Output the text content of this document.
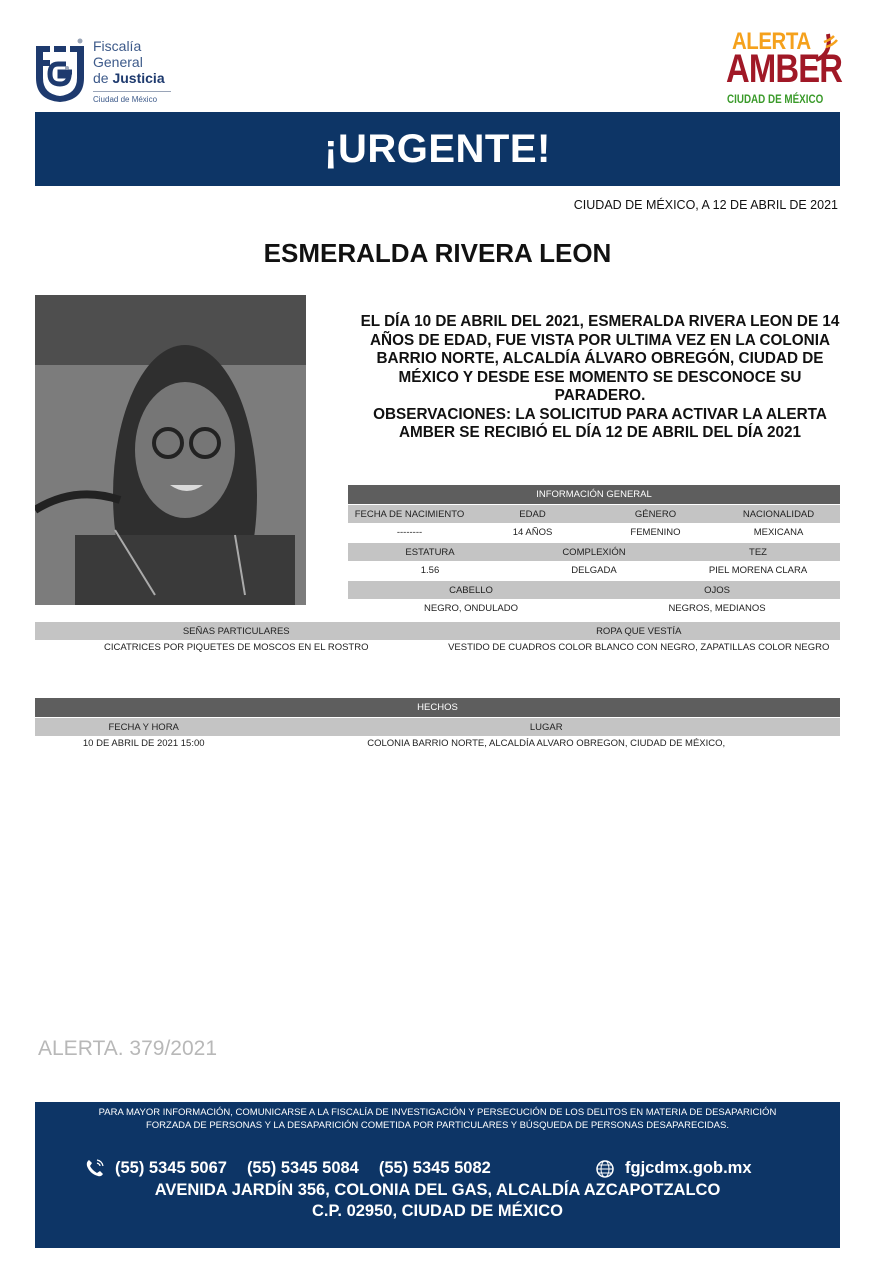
Fiscalía
General
de Justicia
Ciudad de México
ALERTA
AMBER
CIUDAD DE MÉXICO
¡URGENTE!
CIUDAD DE MÉXICO, A 12 DE ABRIL DE 2021
ESMERALDA RIVERA LEON
EL DÍA 10 DE ABRIL DEL 2021, ESMERALDA RIVERA LEON DE 14 AÑOS DE EDAD, FUE VISTA POR ULTIMA VEZ EN LA COLONIA BARRIO NORTE, ALCALDÍA ÁLVARO OBREGÓN, CIUDAD DE MÉXICO Y DESDE ESE MOMENTO SE DESCONOCE SU PARADERO.
OBSERVACIONES: LA SOLICITUD PARA ACTIVAR LA ALERTA AMBER SE RECIBIÓ EL DÍA 12 DE ABRIL DEL DÍA 2021
INFORMACIÓN GENERAL
FECHA DE NACIMIENTO	EDAD	GÉNERO	NACIONALIDAD
--------	14 AÑOS	FEMENINO	MEXICANA
ESTATURA	COMPLEXIÓN	TEZ
1.56	DELGADA	PIEL MORENA CLARA
CABELLO	OJOS
NEGRO, ONDULADO	NEGROS, MEDIANOS
SEÑAS PARTICULARES	ROPA QUE VESTÍA
CICATRICES POR PIQUETES DE MOSCOS EN EL ROSTRO	VESTIDO DE CUADROS COLOR BLANCO CON NEGRO, ZAPATILLAS COLOR NEGRO
HECHOS
FECHA Y HORA	LUGAR
10 DE ABRIL DE 2021 15:00	COLONIA BARRIO NORTE, ALCALDÍA ALVARO OBREGON, CIUDAD DE MÉXICO,
ALERTA. 379/2021
PARA MAYOR INFORMACIÓN, COMUNICARSE A LA FISCALÍA DE INVESTIGACIÓN Y PERSECUCIÓN DE LOS DELITOS EN MATERIA DE DESAPARICIÓN
FORZADA DE PERSONAS Y LA DESAPARICIÓN COMETIDA POR PARTICULARES Y BÚSQUEDA DE PERSONAS DESAPARECIDAS.
(55) 5345 5067 (55) 5345 5084 (55) 5345 5082	fgjcdmx.gob.mx
AVENIDA JARDÍN 356, COLONIA DEL GAS, ALCALDÍA AZCAPOTZALCO
C.P. 02950, CIUDAD DE MÉXICO
